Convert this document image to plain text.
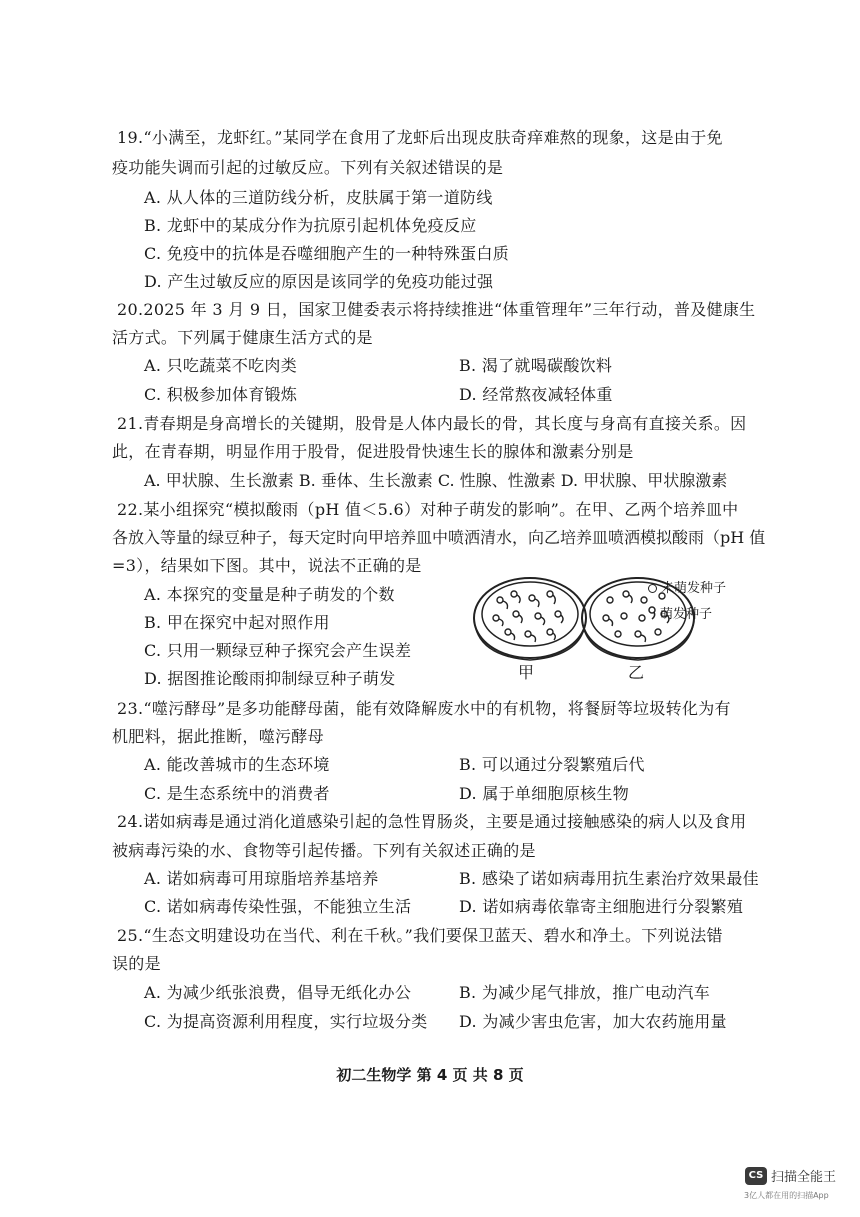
19.“小满至，龙虾红。”某同学在食用了龙虾后出现皮肤奇痒难熬的现象，这是由于免
疫功能失调而引起的过敏反应。下列有关叙述错误的是
A. 从人体的三道防线分析，皮肤属于第一道防线
B. 龙虾中的某成分作为抗原引起机体免疫反应
C. 免疫中的抗体是吞噬细胞产生的一种特殊蛋白质
D. 产生过敏反应的原因是该同学的免疫功能过强
20.2025 年 3 月 9 日，国家卫健委表示将持续推进“体重管理年”三年行动，普及健康生
活方式。下列属于健康生活方式的是
A. 只吃蔬菜不吃肉类	B. 渴了就喝碳酸饮料
C. 积极参加体育锻炼	D. 经常熬夜减轻体重
21.青春期是身高增长的关键期，股骨是人体内最长的骨，其长度与身高有直接关系。因
此，在青春期，明显作用于股骨，促进股骨快速生长的腺体和激素分别是
A. 甲状腺、生长激素 B. 垂体、生长激素 C. 性腺、性激素 D. 甲状腺、甲状腺激素
22.某小组探究“模拟酸雨（pH 值＜5.6）对种子萌发的影响”。在甲、乙两个培养皿中
各放入等量的绿豆种子，每天定时向甲培养皿中喷洒清水，向乙培养皿喷洒模拟酸雨（pH 值
=3），结果如下图。其中，说法不正确的是
A. 本探究的变量是种子萌发的个数
B. 甲在探究中起对照作用
C. 只用一颗绿豆种子探究会产生误差
D. 据图推论酸雨抑制绿豆种子萌发	甲	乙
未萌发种子
萌发种子
23.“噬污酵母”是多功能酵母菌，能有效降解废水中的有机物，将餐厨等垃圾转化为有
机肥料，据此推断，噬污酵母
A. 能改善城市的生态环境	B. 可以通过分裂繁殖后代
C. 是生态系统中的消费者	D. 属于单细胞原核生物
24.诺如病毒是通过消化道感染引起的急性胃肠炎，主要是通过接触感染的病人以及食用
被病毒污染的水、食物等引起传播。下列有关叙述正确的是
A. 诺如病毒可用琼脂培养基培养	B. 感染了诺如病毒用抗生素治疗效果最佳
C. 诺如病毒传染性强，不能独立生活	D. 诺如病毒依靠寄主细胞进行分裂繁殖
25.“生态文明建设功在当代、利在千秋。”我们要保卫蓝天、碧水和净土。下列说法错
误的是
A. 为减少纸张浪费，倡导无纸化办公	B. 为减少尾气排放，推广电动汽车
C. 为提高资源利用程度，实行垃圾分类 D. 为减少害虫危害，加大农药施用量
初二生物学 第 4 页 共 8 页
CS 扫描全能王
3亿人都在用的扫描App
